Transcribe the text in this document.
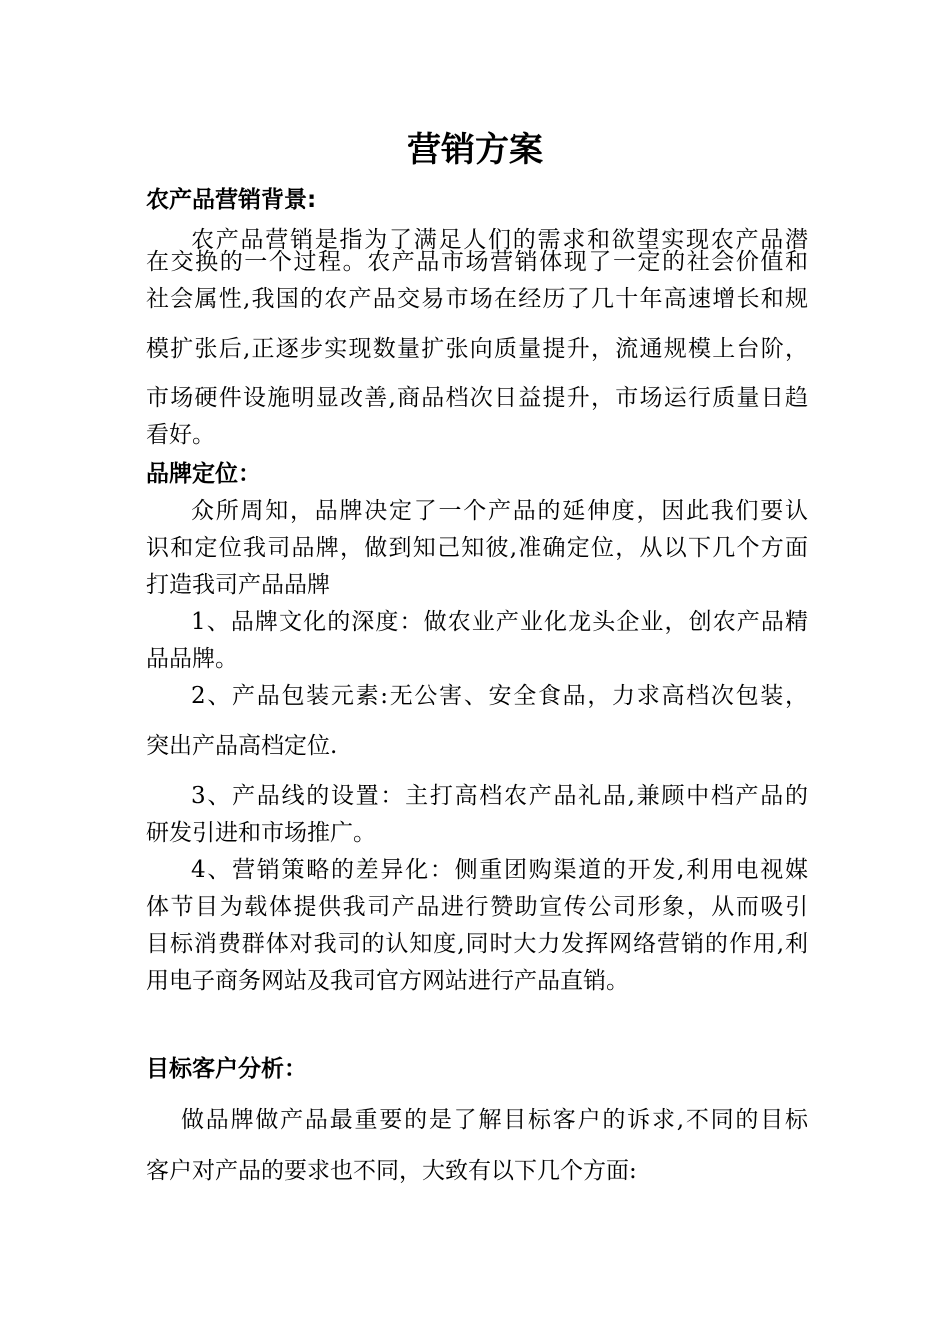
营销方案
农产品营销背景:
农产品营销是指为了满足人们的需求和欲望实现农产品潜
在交换的一个过程。农产品市场营销体现了一定的社会价值和
社会属性,我国的农产品交易市场在经历了几十年高速增长和规
模扩张后,正逐步实现数量扩张向质量提升，流通规模上台阶，
市场硬件设施明显改善,商品档次日益提升，市场运行质量日趋
看好。
品牌定位：
众所周知，品牌决定了一个产品的延伸度，因此我们要认
识和定位我司品牌，做到知己知彼,准确定位，从以下几个方面
打造我司产品品牌
1、品牌文化的深度：做农业产业化龙头企业，创农产品精
品品牌。
2、产品包装元素:无公害、安全食品，力求高档次包装，
突出产品高档定位.
3、产品线的设置：主打高档农产品礼品,兼顾中档产品的
研发引进和市场推广。
4、营销策略的差异化：侧重团购渠道的开发,利用电视媒
体节目为载体提供我司产品进行赞助宣传公司形象，从而吸引
目标消费群体对我司的认知度,同时大力发挥网络营销的作用,利
用电子商务网站及我司官方网站进行产品直销。
目标客户分析：
做品牌做产品最重要的是了解目标客户的诉求,不同的目标
客户对产品的要求也不同，大致有以下几个方面:
